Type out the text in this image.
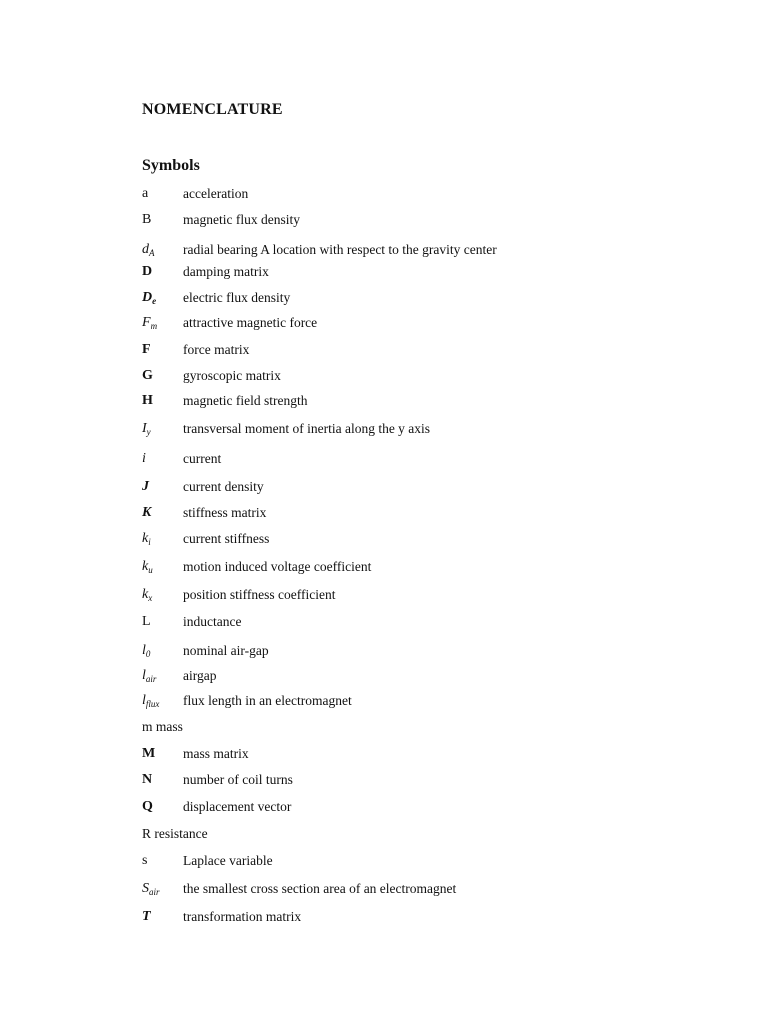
NOMENCLATURE
Symbols
a	acceleration
B	magnetic flux density
$d_A$	radial bearing A location with respect to the gravity center
D	damping matrix
$D_e$	electric flux density
$F_m$	attractive magnetic force
F	force matrix
G	gyroscopic matrix
H	magnetic field strength
$I_y$	transversal moment of inertia along the y axis
i	current
J	current density
K	stiffness matrix
$k_i$	current stiffness
$k_u$	motion induced voltage coefficient
$k_x$	position stiffness coefficient
L	inductance
$l_0$	nominal air-gap
$l_{air}$	airgap
$l_{flux}$	flux length in an electromagnet
m mass
M	mass matrix
N	number of coil turns
Q	displacement vector
R resistance
s	Laplace variable
$S_{air}$	the smallest cross section area of an electromagnet
T	transformation matrix
